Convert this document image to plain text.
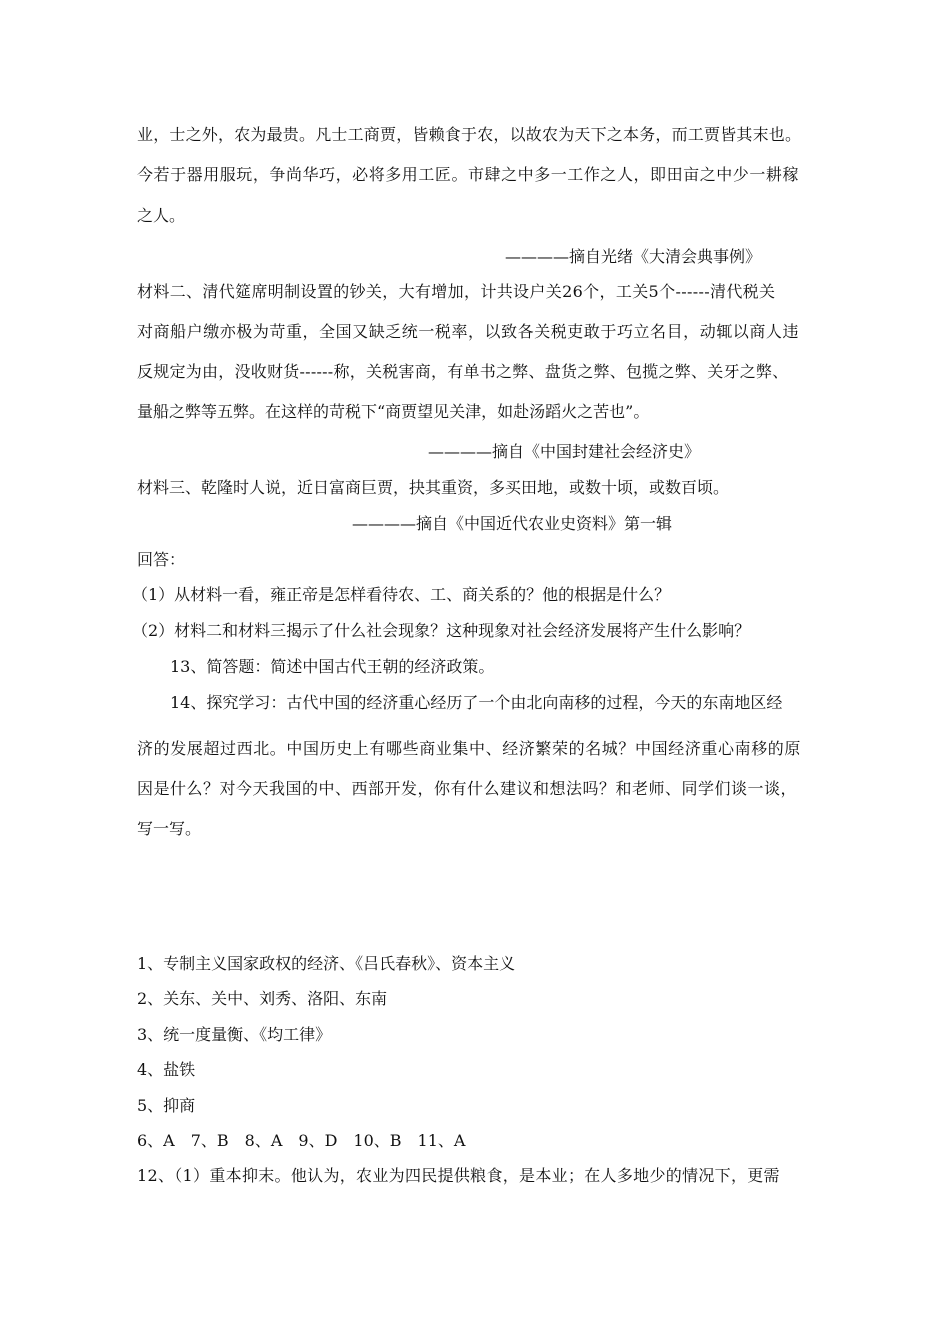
业，士之外，农为最贵。凡士工商贾，皆赖食于农，以故农为天下之本务，而工贾皆其末也。
今若于器用服玩，争尚华巧，必将多用工匠。市肆之中多一工作之人，即田亩之中少一耕稼
之人。
————摘自光绪《大清会典事例》
材料二、清代筵席明制设置的钞关，大有增加，计共设户关26个，工关5个------清代税关
对商船户缴亦极为苛重，全国又缺乏统一税率，以致各关税吏敢于巧立名目，动辄以商人违
反规定为由，没收财货------称，关税害商，有单书之弊、盘货之弊、包揽之弊、关牙之弊、
量船之弊等五弊。在这样的苛税下“商贾望见关津，如赴汤蹈火之苦也”。
————摘自《中国封建社会经济史》
材料三、乾隆时人说，近日富商巨贾，抉其重资，多买田地，或数十顷，或数百顷。
————摘自《中国近代农业史资料》第一辑
回答：
（1）从材料一看，雍正帝是怎样看待农、工、商关系的？他的根据是什么？
（2）材料二和材料三揭示了什么社会现象？这种现象对社会经济发展将产生什么影响？
13、简答题：简述中国古代王朝的经济政策。
14、探究学习：古代中国的经济重心经历了一个由北向南移的过程，今天的东南地区经
济的发展超过西北。中国历史上有哪些商业集中、经济繁荣的名城？中国经济重心南移的原
因是什么？对今天我国的中、西部开发，你有什么建议和想法吗？和老师、同学们谈一谈，
写一写。
1、专制主义国家政权的经济、《吕氏春秋》、资本主义
2、关东、关中、刘秀、洛阳、东南
3、统一度量衡、《均工律》
4、盐铁
5、抑商
6、A　7、B　8、A　9、D　10、B　11、A
12、（1）重本抑末。他认为，农业为四民提供粮食，是本业；在人多地少的情况下，更需
